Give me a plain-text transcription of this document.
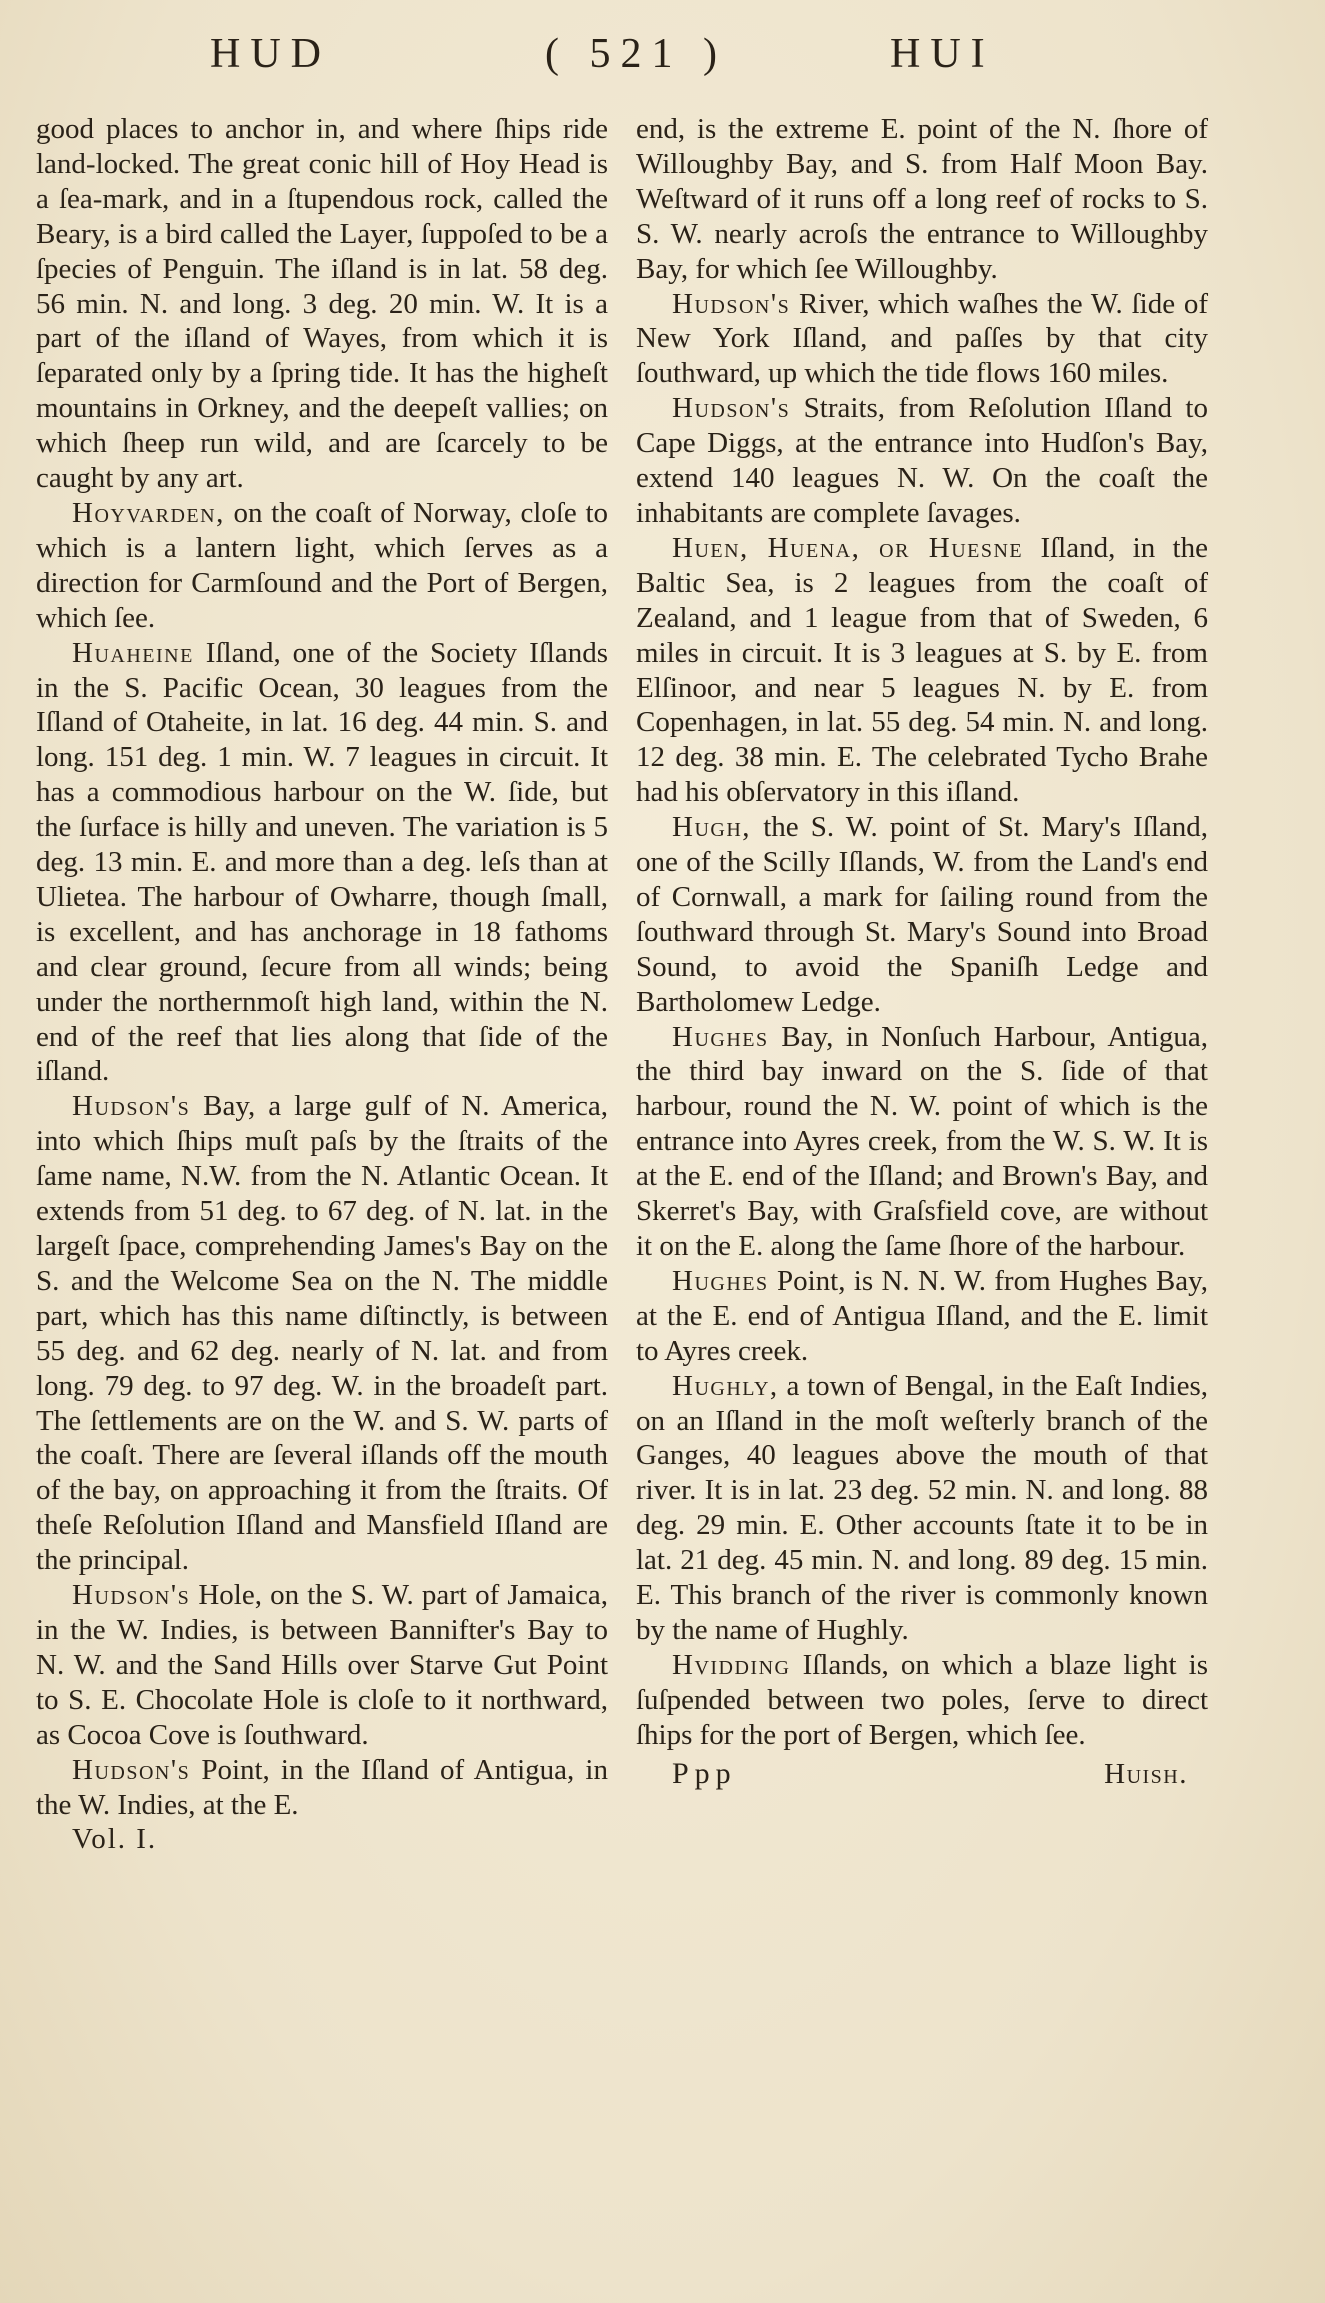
HUD	( 521 )	HUI

good places to anchor in, and where ſhips ride land-locked. The great conic hill of Hoy Head is a ſea-mark, and in a ſtupendous rock, called the Beary, is a bird called the Layer, ſuppoſed to be a ſpecies of Penguin. The iſland is in lat. 58 deg. 56 min. N. and long. 3 deg. 20 min. W. It is a part of the iſland of Wayes, from which it is ſeparated only by a ſpring tide. It has the higheſt mountains in Orkney, and the deepeſt vallies; on which ſheep run wild, and are ſcarcely to be caught by any art.

Hoyvarden, on the coaſt of Norway, cloſe to which is a lantern light, which ſerves as a direction for Carmſound and the Port of Bergen, which ſee.

Huaheine Iſland, one of the Society Iſlands in the S. Pacific Ocean, 30 leagues from the Iſland of Otaheite, in lat. 16 deg. 44 min. S. and long. 151 deg. 1 min. W. 7 leagues in circuit. It has a commodious harbour on the W. ſide, but the ſurface is hilly and uneven. The variation is 5 deg. 13 min. E. and more than a deg. leſs than at Ulietea. The harbour of Owharre, though ſmall, is excellent, and has anchorage in 18 fathoms and clear ground, ſecure from all winds; being under the northernmoſt high land, within the N. end of the reef that lies along that ſide of the iſland.

Hudson's Bay, a large gulf of N. America, into which ſhips muſt paſs by the ſtraits of the ſame name, N.W. from the N. Atlantic Ocean. It extends from 51 deg. to 67 deg. of N. lat. in the largeſt ſpace, comprehending James's Bay on the S. and the Welcome Sea on the N. The middle part, which has this name diſtinctly, is between 55 deg. and 62 deg. nearly of N. lat. and from long. 79 deg. to 97 deg. W. in the broadeſt part. The ſettlements are on the W. and S. W. parts of the coaſt. There are ſeveral iſlands off the mouth of the bay, on approaching it from the ſtraits. Of theſe Reſolution Iſland and Mansfield Iſland are the principal.

Hudson's Hole, on the S. W. part of Jamaica, in the W. Indies, is between Bannifter's Bay to N. W. and the Sand Hills over Starve Gut Point to S. E. Chocolate Hole is cloſe to it northward, as Cocoa Cove is ſouthward.

Hudson's Point, in the Iſland of Antigua, in the W. Indies, at the E.

Vol. I.

end, is the extreme E. point of the N. ſhore of Willoughby Bay, and S. from Half Moon Bay. Weſtward of it runs off a long reef of rocks to S. S. W. nearly acroſs the entrance to Willoughby Bay, for which ſee Willoughby.

Hudson's River, which waſhes the W. ſide of New York Iſland, and paſſes by that city ſouthward, up which the tide flows 160 miles.

Hudson's Straits, from Reſolution Iſland to Cape Diggs, at the entrance into Hudſon's Bay, extend 140 leagues N. W. On the coaſt the inhabitants are complete ſavages.

Huen, Huena, or Huesne Iſland, in the Baltic Sea, is 2 leagues from the coaſt of Zealand, and 1 league from that of Sweden, 6 miles in circuit. It is 3 leagues at S. by E. from Elſinoor, and near 5 leagues N. by E. from Copenhagen, in lat. 55 deg. 54 min. N. and long. 12 deg. 38 min. E. The celebrated Tycho Brahe had his obſervatory in this iſland.

Hugh, the S. W. point of St. Mary's Iſland, one of the Scilly Iſlands, W. from the Land's end of Cornwall, a mark for ſailing round from the ſouthward through St. Mary's Sound into Broad Sound, to avoid the Spaniſh Ledge and Bartholomew Ledge.

Hughes Bay, in Nonſuch Harbour, Antigua, the third bay inward on the S. ſide of that harbour, round the N. W. point of which is the entrance into Ayres creek, from the W. S. W. It is at the E. end of the Iſland; and Brown's Bay, and Skerret's Bay, with Graſsfield cove, are without it on the E. along the ſame ſhore of the harbour.

Hughes Point, is N. N. W. from Hughes Bay, at the E. end of Antigua Iſland, and the E. limit to Ayres creek.

Hughly, a town of Bengal, in the Eaſt Indies, on an Iſland in the moſt weſterly branch of the Ganges, 40 leagues above the mouth of that river. It is in lat. 23 deg. 52 min. N. and long. 88 deg. 29 min. E. Other accounts ſtate it to be in lat. 21 deg. 45 min. N. and long. 89 deg. 15 min. E. This branch of the river is commonly known by the name of Hughly.

Hvidding Iſlands, on which a blaze light is ſuſpended between two poles, ſerve to direct ſhips for the port of Bergen, which ſee.

Ppp	Huish.
